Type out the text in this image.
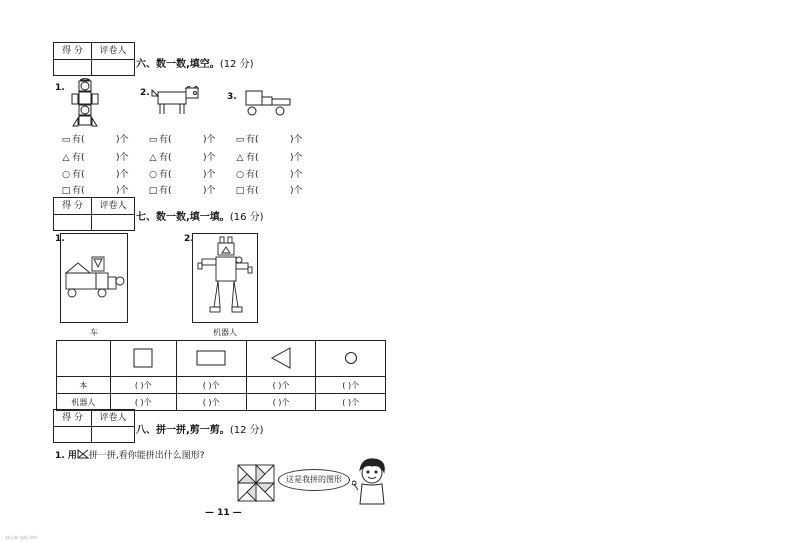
得 分	评卷人
六、数一数,填空。(12 分)
1.	2.	3.
▭ 有(	)个
△ 有(	)个
○ 有(	)个
□ 有(	)个
▭ 有(	)个
△ 有(	)个
○ 有(	)个
□ 有(	)个
▭ 有(	)个
△ 有(	)个
○ 有(	)个
□ 有(	)个
得 分	评卷人
七、数一数,填一填。(16 分)
1.	2.
车	机器人

本	( )个	( )个	( )个	( )个
机器人	( )个	( )个	( )个	( )个
得 分	评卷人
八、拼一拼,剪一剪。(12 分)
1. 用 拼一拼,看你能拼出什么图形?
这是我拼的图形
— 11 —
ab cde fghij klm
